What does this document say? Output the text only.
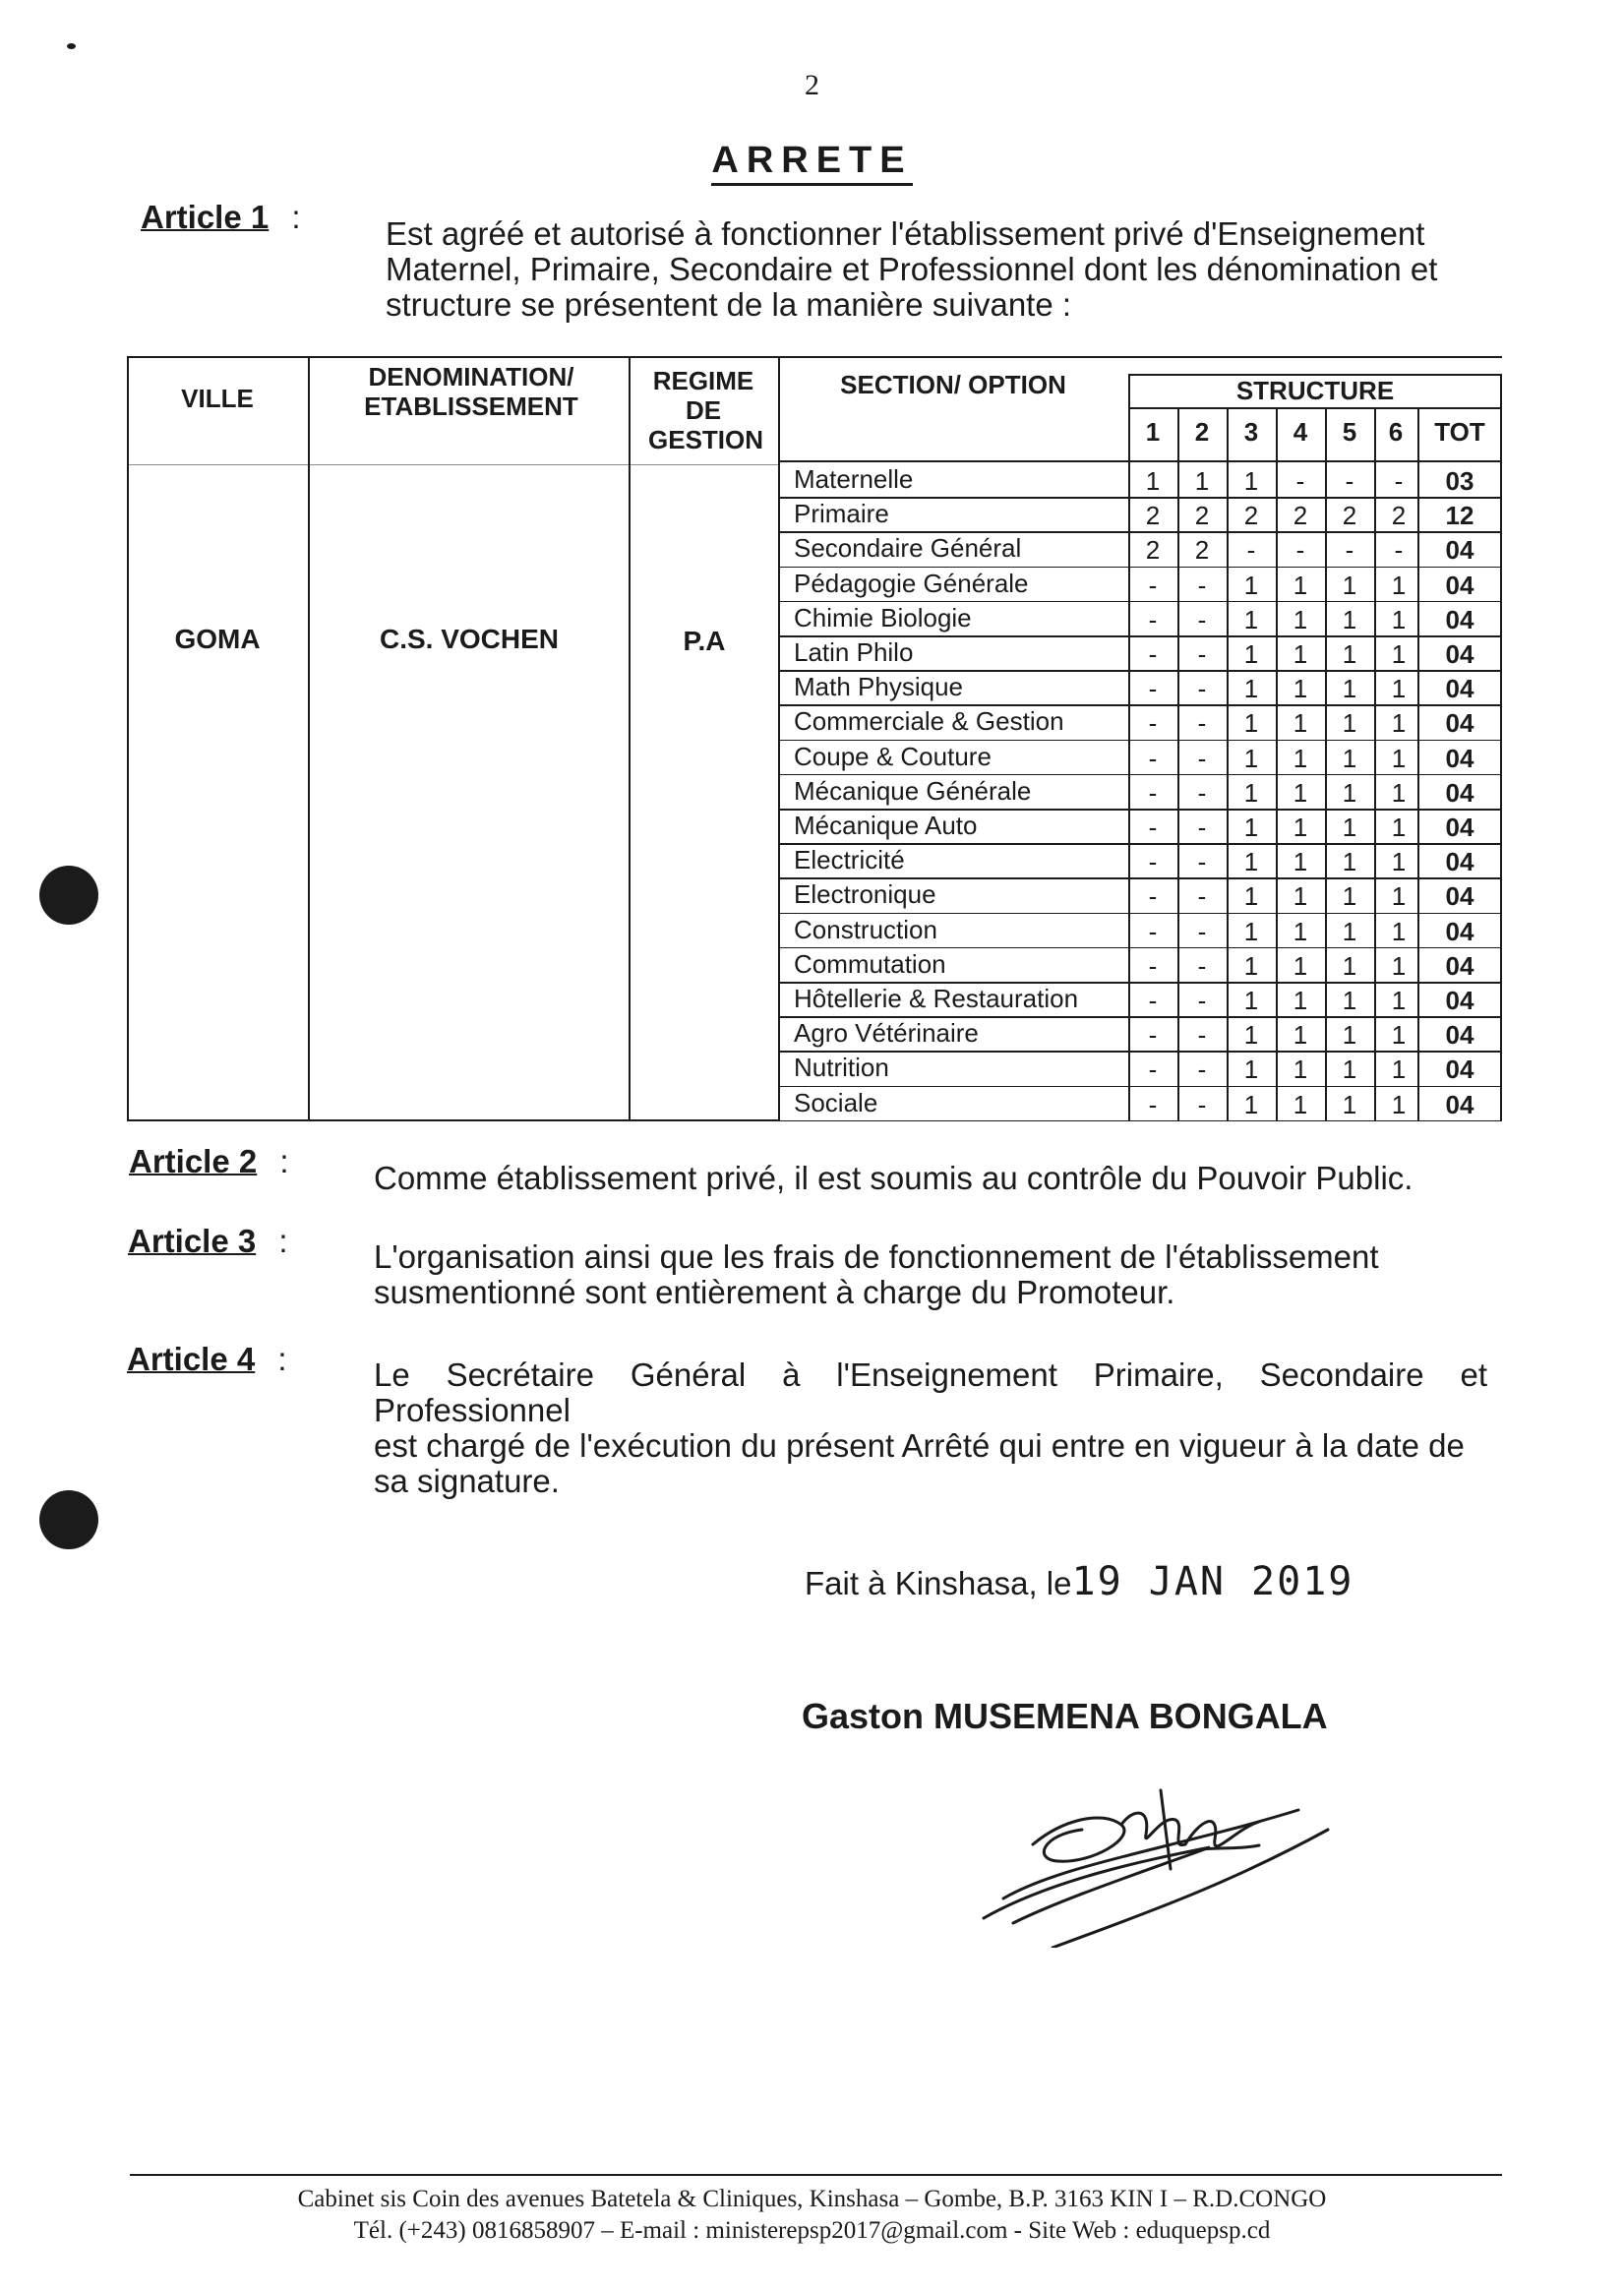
2
ARRETE
Article 1 :	Est agréé et autorisé à fonctionner l'établissement privé d'Enseignement

Maternel, Primaire, Secondaire et Professionnel dont les dénomination et

structure se présentent de la manière suivante :

VILLE
DENOMINATION/ ETABLISSEMENT
REGIME DE GESTION
SECTION/ OPTION	STRUCTURE
1	2	3	4	5	6	TOT
GOMA	C.S. VOCHEN	P.A
Maternelle	1	1	1	-	-	-	03
Primaire	2	2	2	2	2	2	12
Secondaire Général	2	2	-	-	-	-	04
Pédagogie Générale	-	-	1	1	1	1	04
Chimie Biologie	-	-	1	1	1	1	04
Latin Philo	-	-	1	1	1	1	04
Math Physique	-	-	1	1	1	1	04
Commerciale & Gestion	-	-	1	1	1	1	04
Coupe & Couture	-	-	1	1	1	1	04
Mécanique Générale	-	-	1	1	1	1	04
Mécanique Auto	-	-	1	1	1	1	04
Electricité	-	-	1	1	1	1	04
Electronique	-	-	1	1	1	1	04
Construction	-	-	1	1	1	1	04
Commutation	-	-	1	1	1	1	04
Hôtellerie & Restauration	-	-	1	1	1	1	04
Agro Vétérinaire	-	-	1	1	1	1	04
Nutrition	-	-	1	1	1	1	04
Sociale	-	-	1	1	1	1	04
Article 2 :	Comme établissement privé, il est soumis au contrôle du Pouvoir Public.

Article 3 :	L'organisation ainsi que les frais de fonctionnement de l'établissement

susmentionné sont entièrement à charge du Promoteur.

Article 4 :	Le Secrétaire Général à l'Enseignement Primaire, Secondaire et Professionnel

est chargé de l'exécution du présent Arrêté qui entre en vigueur à la date de

sa signature.

Fait à Kinshasa, le19 JAN 2019
Gaston MUSEMENA BONGALA
Cabinet sis Coin des avenues Batetela & Cliniques, Kinshasa – Gombe, B.P. 3163 KIN I – R.D.CONGO
Tél. (+243) 0816858907 – E-mail : ministerepsp2017@gmail.com - Site Web : eduquepsp.cd
